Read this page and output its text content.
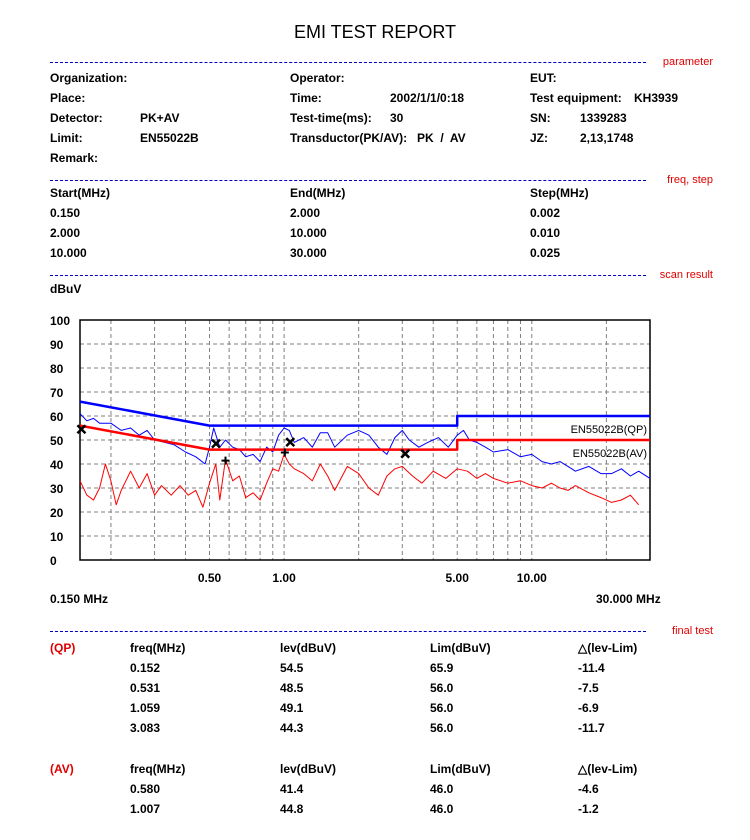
EMI TEST REPORT
parameter
Organization:
Place:
Detector:	PK+AV
Limit:	EN55022B
Remark:
Operator:
Time:	2002/1/1/0:18
Test-time(ms): 30
Transductor(PK/AV): PK  /  AV
EUT:
Test equipment: KH3939
SN: 1339283
JZ:	2,13,1748
freq, step
Start(MHz)	End(MHz)	Step(MHz)
0.150	2.000	0.002
2.000	10.000	0.010
10.000	30.000	0.025
scan result
dBuV
0
10
20
30
40
50
60
70
80
90
100
0.50	1.00	5.00	10.00
EN55022B(QP)
EN55022B(AV)
0.150 MHz	30.000 MHz
final test
(QP)	freq(MHz)	lev(dBuV)	Lim(dBuV)	△(lev-Lim)
0.152	54.5	65.9	-11.4
0.531	48.5	56.0	-7.5
1.059	49.1	56.0	-6.9
3.083	44.3	56.0	-11.7
(AV)	freq(MHz)	lev(dBuV)	Lim(dBuV)	△(lev-Lim)
0.580	41.4	46.0	-4.6
1.007	44.8	46.0	-1.2
